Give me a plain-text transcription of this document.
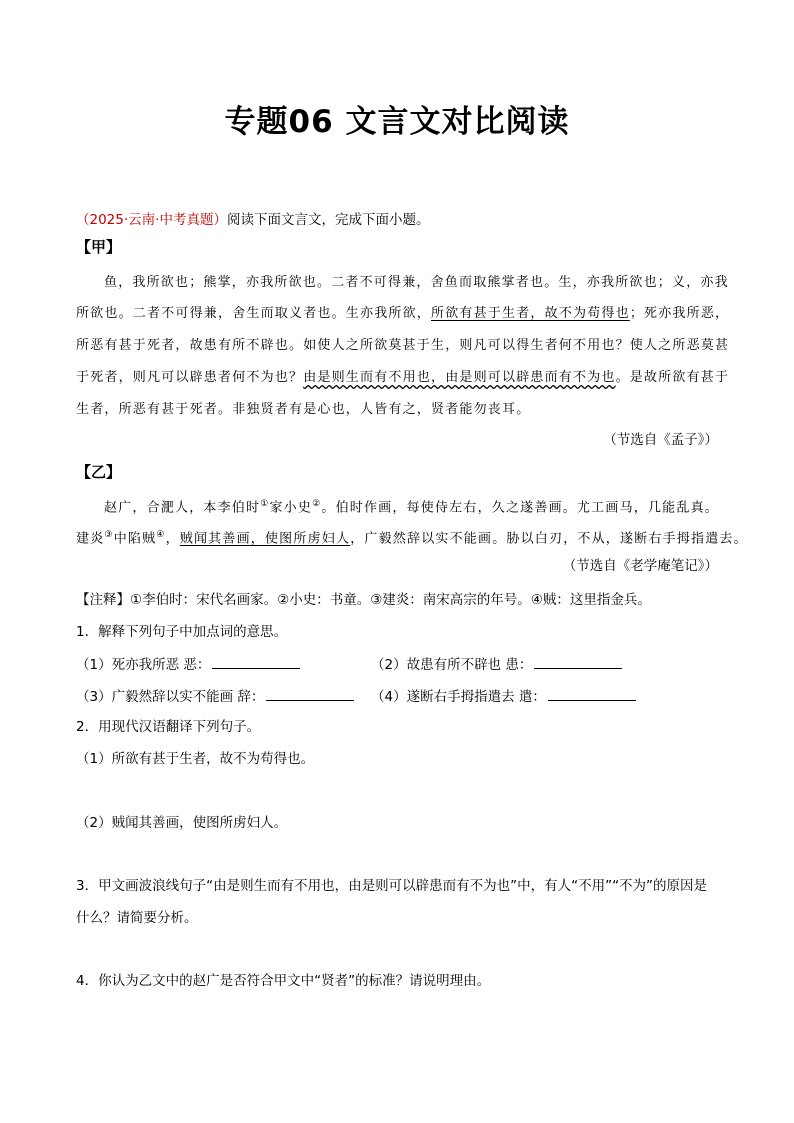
专题06 文言文对比阅读
（2025·云南·中考真题）阅读下面文言文，完成下面小题。
【甲】
鱼，我所欲也；熊掌，亦我所欲也。二者不可得兼，舍鱼而取熊掌者也。生，亦我所欲也；义，亦我
所欲也。二者不可得兼，舍生而取义者也。生亦我所欲，所欲有甚于生者，故不为苟得也；死亦我所恶，
所恶有甚于死者，故患有所不辟也。如使人之所欲莫甚于生，则凡可以得生者何不用也？使人之所恶莫甚
于死者，则凡可以辟患者何不为也？由是则生而有不用也，由是则可以辟患而有不为也。是故所欲有甚于
生者，所恶有甚于死者。非独贤者有是心也，人皆有之，贤者能勿丧耳。
（节选自《孟子》）
【乙】
赵广，合淝人，本李伯时①家小史②。伯时作画，每使侍左右，久之遂善画。尤工画马，几能乱真。
建炎③中陷贼④，贼闻其善画，使图所虏妇人，广毅然辞以实不能画。胁以白刃，不从，遂断右手拇指遣去。
（节选自《老学庵笔记》）
【注释】①李伯时：宋代名画家。②小史：书童。③建炎：南宋高宗的年号。④贼：这里指金兵。
1．解释下列句子中加点词的意思。
（1）死亦我所恶 恶：	（2）故患有所不辟也 患：
（3）广毅然辞以实不能画 辞：	（4）遂断右手拇指遣去 遣：
2．用现代汉语翻译下列句子。
（1）所欲有甚于生者，故不为苟得也。
（2）贼闻其善画，使图所虏妇人。
3．甲文画波浪线句子“由是则生而有不用也，由是则可以辟患而有不为也”中，有人“不用”“不为”的原因是
什么？请简要分析。
4．你认为乙文中的赵广是否符合甲文中“贤者”的标准？请说明理由。
